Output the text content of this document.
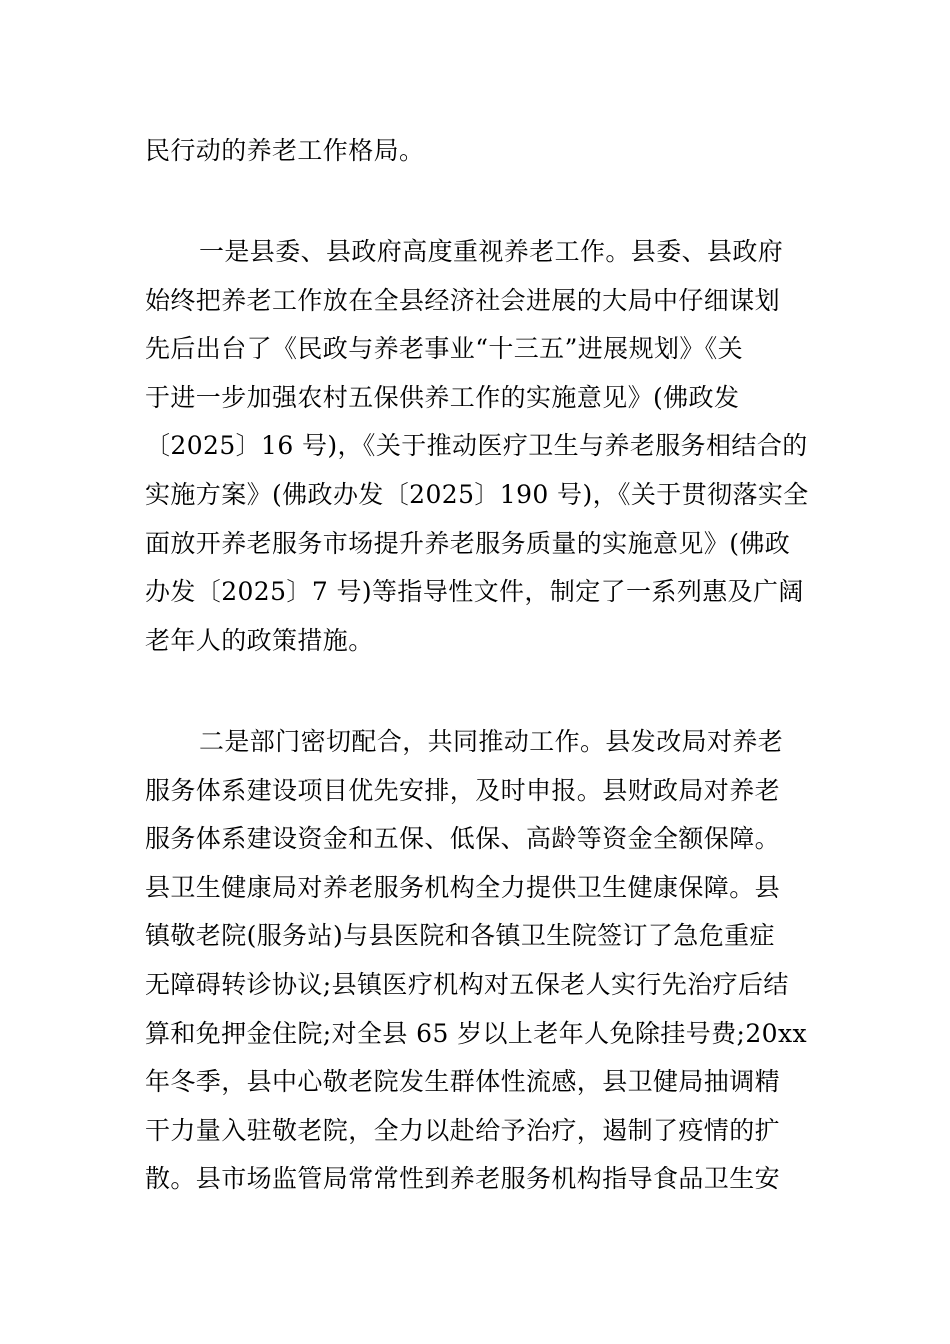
民行动的养老工作格局。
一是县委、县政府高度重视养老工作。县委、县政府
始终把养老工作放在全县经济社会进展的大局中仔细谋划
先后出台了《民政与养老事业“十三五”进展规划》《关
于进一步加强农村五保供养工作的实施意见》(佛政发
〔2025〕16 号)，《关于推动医疗卫生与养老服务相结合的
实施方案》(佛政办发〔2025〕190 号)，《关于贯彻落实全
面放开养老服务市场提升养老服务质量的实施意见》(佛政
办发〔2025〕7 号)等指导性文件，制定了一系列惠及广阔
老年人的政策措施。
二是部门密切配合，共同推动工作。县发改局对养老
服务体系建设项目优先安排，及时申报。县财政局对养老
服务体系建设资金和五保、低保、高龄等资金全额保障。
县卫生健康局对养老服务机构全力提供卫生健康保障。县
镇敬老院(服务站)与县医院和各镇卫生院签订了急危重症
无障碍转诊协议;县镇医疗机构对五保老人实行先治疗后结
算和免押金住院;对全县 65 岁以上老年人免除挂号费;20xx
年冬季，县中心敬老院发生群体性流感，县卫健局抽调精
干力量入驻敬老院，全力以赴给予治疗，遏制了疫情的扩
散。县市场监管局常常性到养老服务机构指导食品卫生安
